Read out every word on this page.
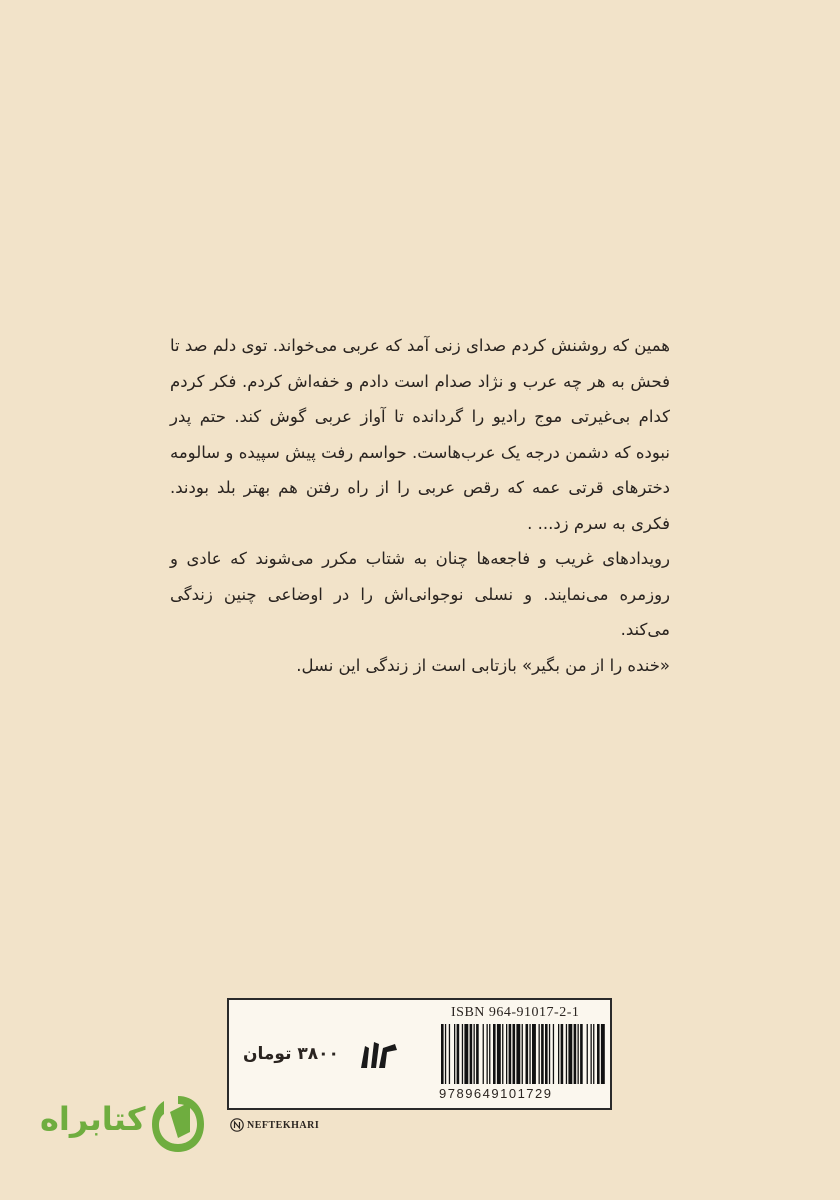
همین که روشنش کردم صدای زنی آمد که عربی می‌خواند. توی دلم صد تا فحش به هر چه عرب و نژاد صدام است دادم و خفه‌اش کردم. فکر کردم کدام بی‌غیرتی موج رادیو را گردانده تا آواز عربی گوش کند. حتم پدر نبوده که دشمن درجه یک عرب‌هاست. حواسم رفت پیش سپیده و سالومه دخترهای قرتی عمه که رقص عربی را از راه رفتن هم بهتر بلد بودند. فکری به سرم زد... .

رویدادهای غریب و فاجعه‌ها چنان به شتاب مکرر می‌شوند که عادی و روزمره می‌نمایند. و نسلی نوجوانی‌اش را در اوضاعی چنین زندگی می‌کند.

«خنده را از من بگیر» بازتابی است از زندگی این نسل.

۳۸۰۰ تومان
ISBN 964-91017-2-1
9789649101729
NEFTEKHARI
کتابراه
